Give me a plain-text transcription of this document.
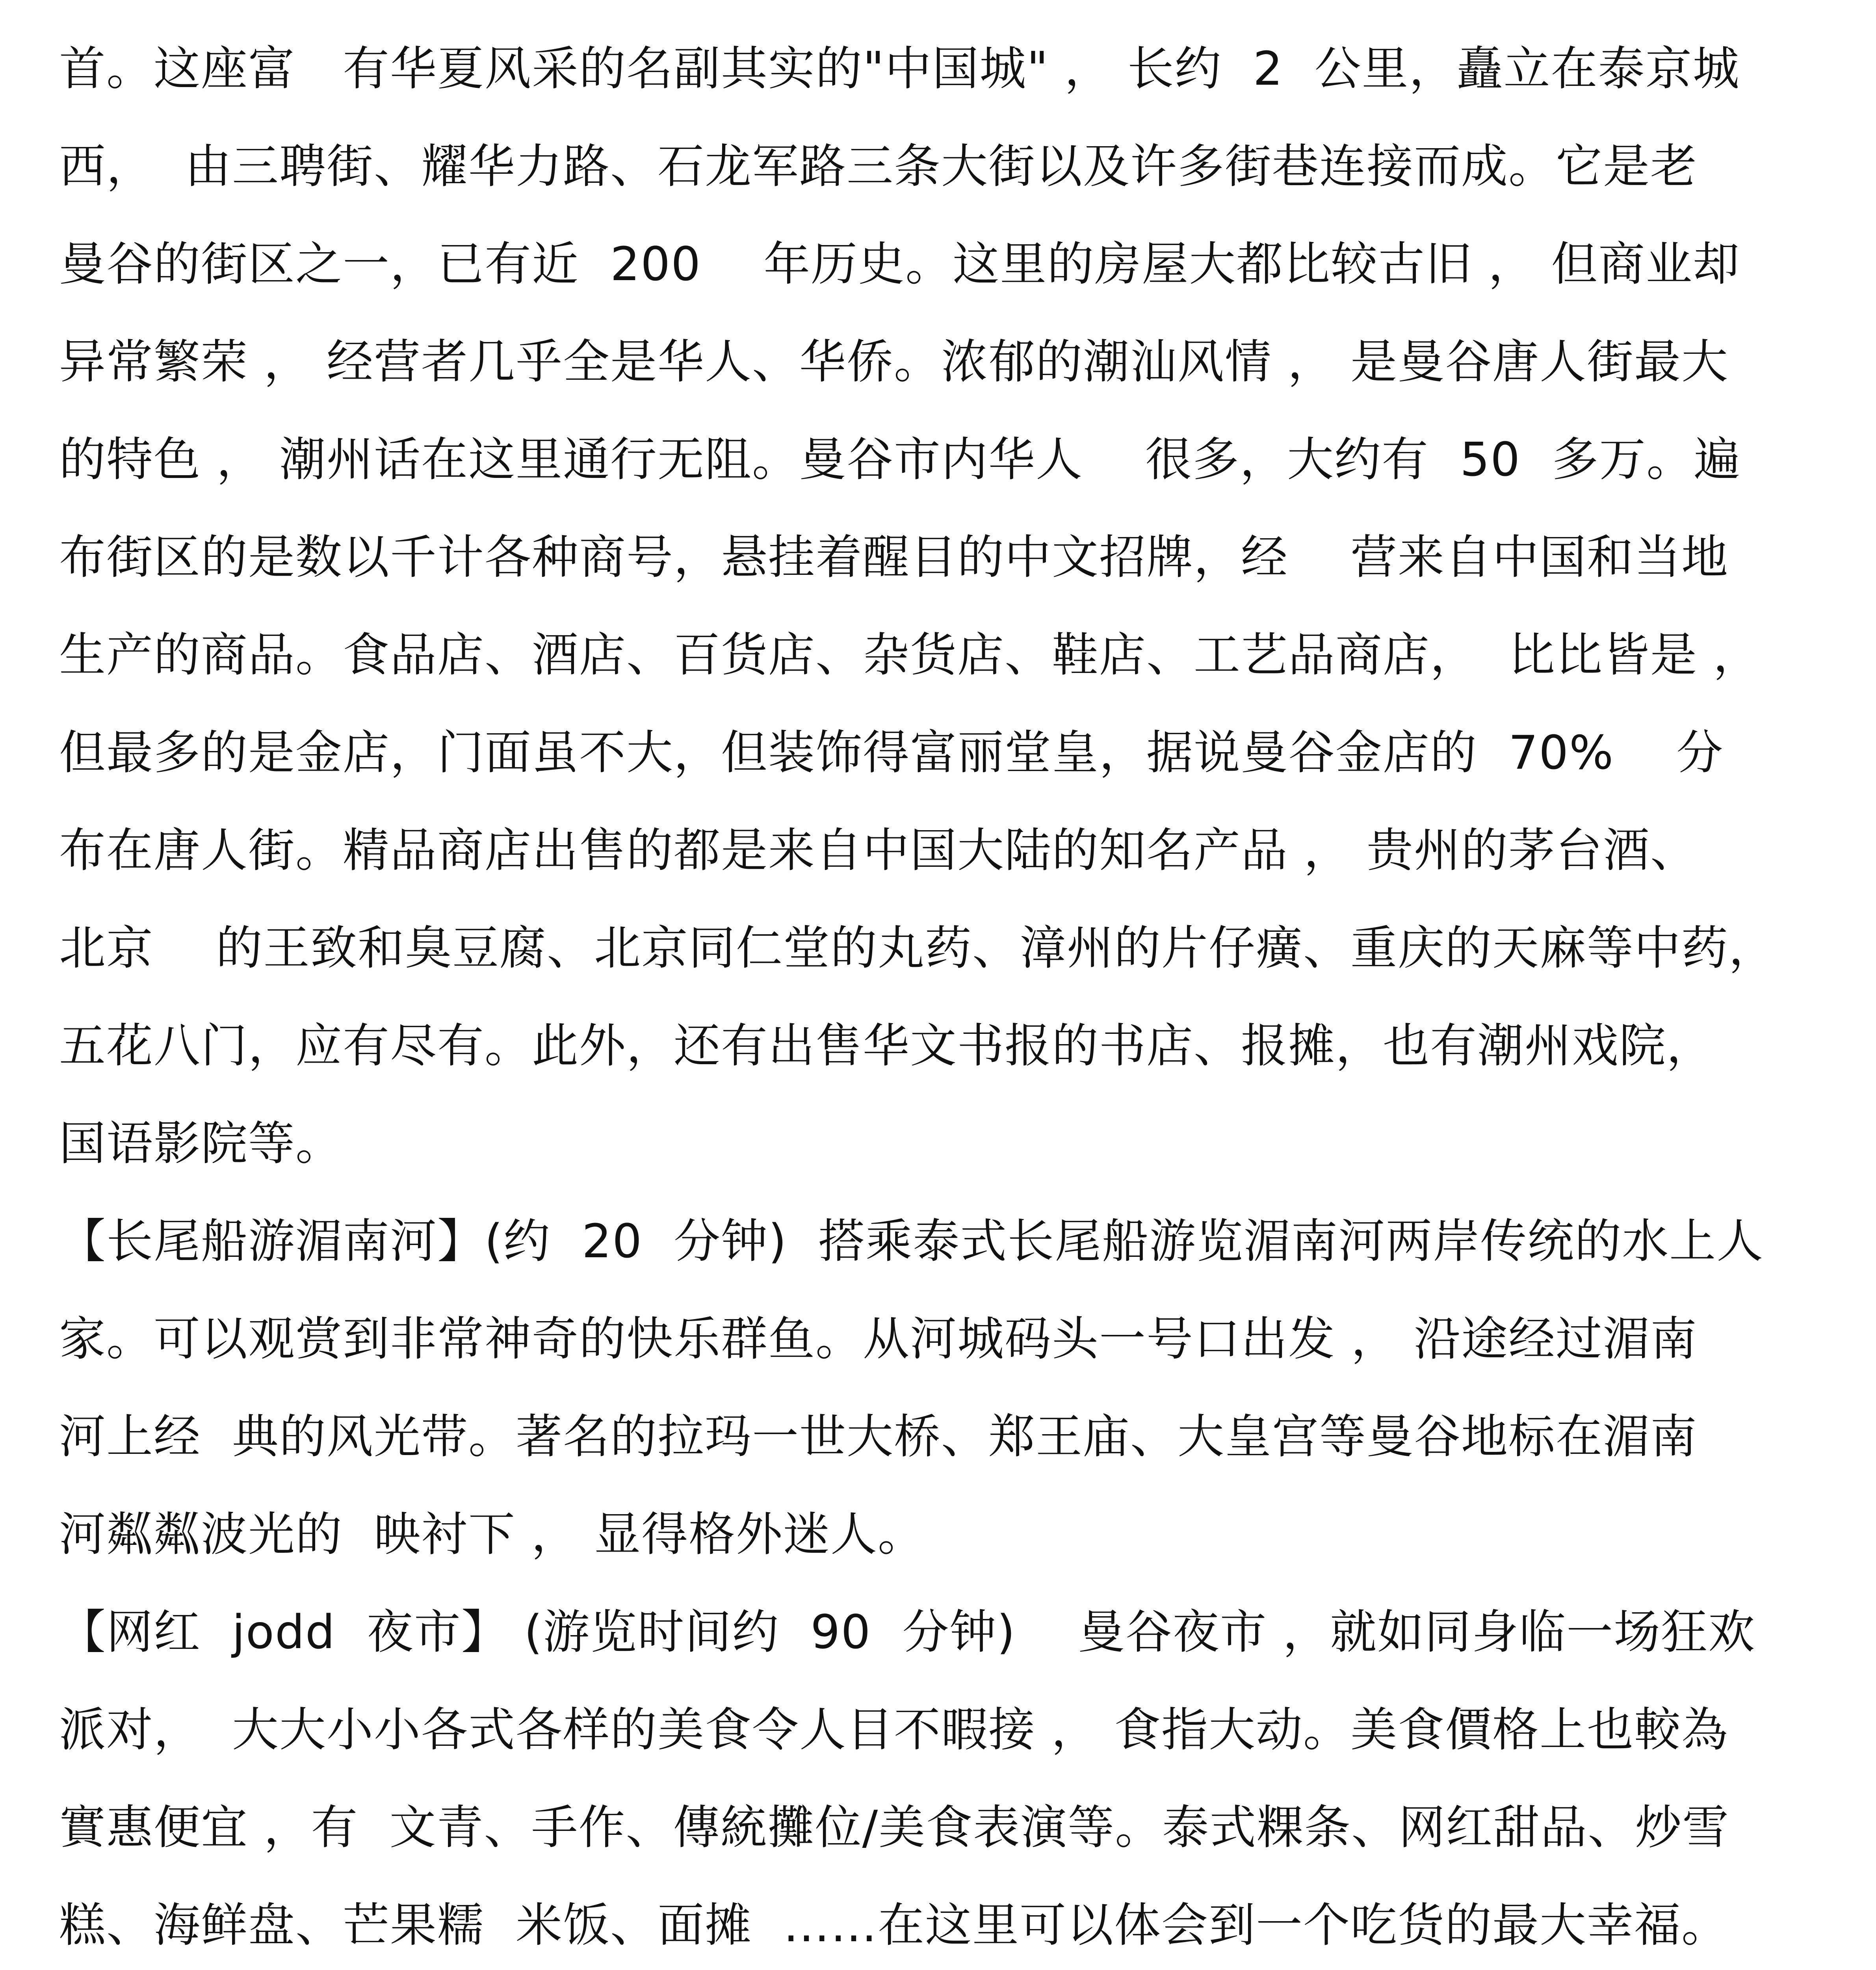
首。这座富　有华夏风采的名副其实的"中国城" ， 长约  2  公里，矗立在泰京城
西，  由三聘街、耀华力路、石龙军路三条大街以及许多街巷连接而成。它是老
曼谷的街区之一，已有近  200    年历史。这里的房屋大都比较古旧 ， 但商业却
异常繁荣 ， 经营者几乎全是华人、华侨。浓郁的潮汕风情 ， 是曼谷唐人街最大
的特色 ， 潮州话在这里通行无阻。曼谷市内华人    很多，大约有  50  多万。遍
布街区的是数以千计各种商号，悬挂着醒目的中文招牌，经    营来自中国和当地
生产的商品。食品店、酒店、百货店、杂货店、鞋店、工艺品商店，  比比皆是 ，
但最多的是金店，门面虽不大，但装饰得富丽堂皇，据说曼谷金店的  70%    分
布在唐人街。精品商店出售的都是来自中国大陆的知名产品 ， 贵州的茅台酒、
北京    的王致和臭豆腐、北京同仁堂的丸药、漳州的片仔癀、重庆的天麻等中药，
五花八门，应有尽有。此外，还有出售华文书报的书店、报摊，也有潮州戏院，
国语影院等。
【长尾船游湄南河】(约  20  分钟)  搭乘泰式长尾船游览湄南河两岸传统的水上人
家。可以观赏到非常神奇的快乐群鱼。从河城码头一号口出发 ， 沿途经过湄南
河上经  典的风光带。著名的拉玛一世大桥、郑王庙、大皇宫等曼谷地标在湄南
河粼粼波光的  映衬下 ， 显得格外迷人。
【网红  jodd  夜市】 (游览时间约  90  分钟)    曼谷夜市 ，就如同身临一场狂欢
派对，  大大小小各式各样的美食令人目不暇接 ， 食指大动。美食價格上也較為
實惠便宜 ，有  文青、手作、傳統攤位/美食表演等。泰式粿条、网红甜品、炒雪
糕、海鲜盘、芒果糯  米饭、面摊  ……在这里可以体会到一个吃货的最大幸福。
